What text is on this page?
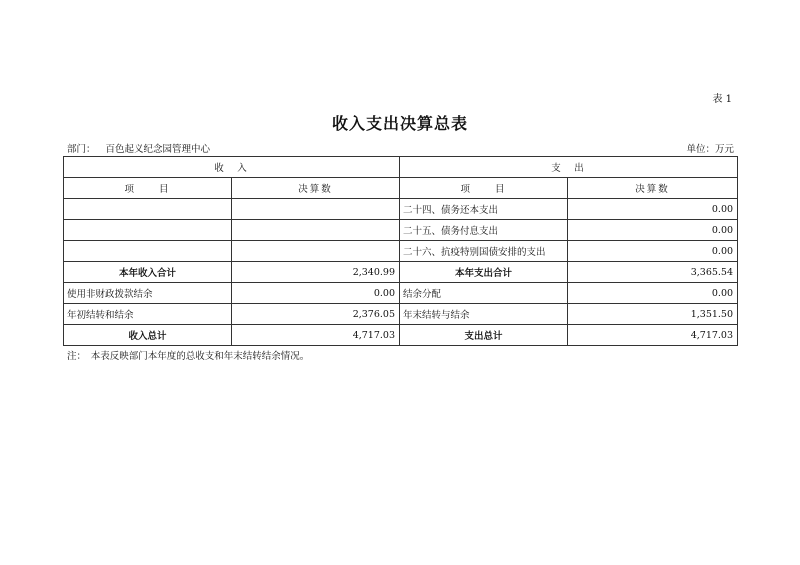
表 1
收入支出决算总表
部门： 百色起义纪念园管理中心	单位：万元
收　入		支　出	
项　　目	决算数	项　　目	决算数
		二十四、债务还本支出	0.00
		二十五、债务付息支出	0.00
		二十六、抗疫特别国债安排的支出	0.00
本年收入合计	2,340.99	本年支出合计	3,365.54
使用非财政拨款结余	0.00	结余分配	0.00
年初结转和结余	2,376.05	年末结转与结余	1,351.50
收入总计	4,717.03	支出总计	4,717.03
注：　本表反映部门本年度的总收支和年末结转结余情况。
